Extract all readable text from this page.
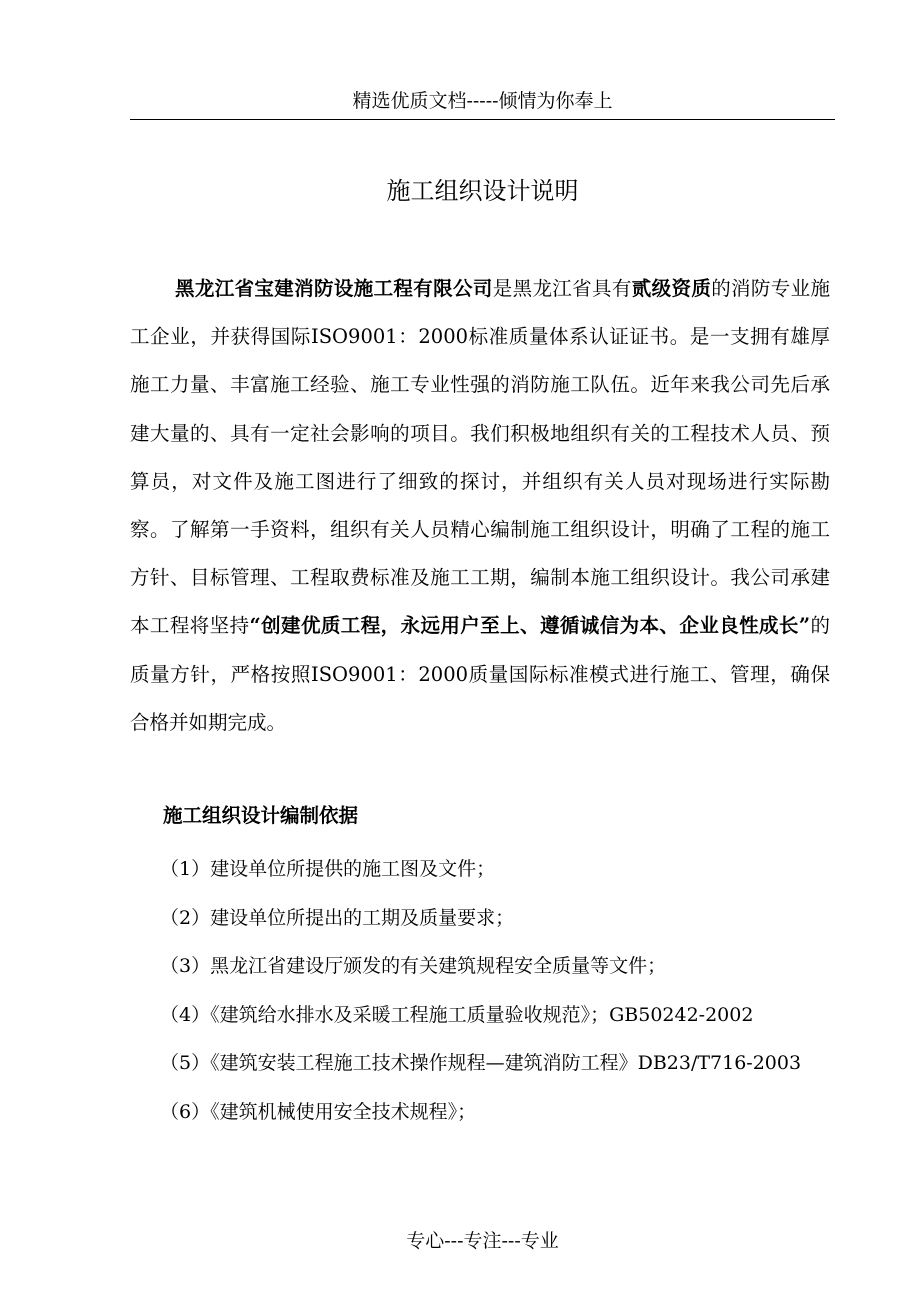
精选优质文档-----倾情为你奉上
施工组织设计说明

黑龙江省宝建消防设施工程有限公司是黑龙江省具有贰级资质的消防专业施工企业，并获得国际ISO9001：2000标准质量体系认证证书。是一支拥有雄厚施工力量、丰富施工经验、施工专业性强的消防施工队伍。近年来我公司先后承建大量的、具有一定社会影响的项目。我们积极地组织有关的工程技术人员、预算员，对文件及施工图进行了细致的探讨，并组织有关人员对现场进行实际勘察。了解第一手资料，组织有关人员精心编制施工组织设计，明确了工程的施工方针、目标管理、工程取费标准及施工工期，编制本施工组织设计。我公司承建本工程将坚持“创建优质工程，永远用户至上、遵循诚信为本、企业良性成长”的质量方针，严格按照ISO9001：2000质量国际标准模式进行施工、管理，确保合格并如期完成。

施工组织设计编制依据
（1）建设单位所提供的施工图及文件；
（2）建设单位所提出的工期及质量要求；
（3）黑龙江省建设厅颁发的有关建筑规程安全质量等文件；
（4）《建筑给水排水及采暖工程施工质量验收规范》；GB50242-2002
（5）《建筑安装工程施工技术操作规程—建筑消防工程》DB23/T716-2003
（6）《建筑机械使用安全技术规程》；
专心---专注---专业
